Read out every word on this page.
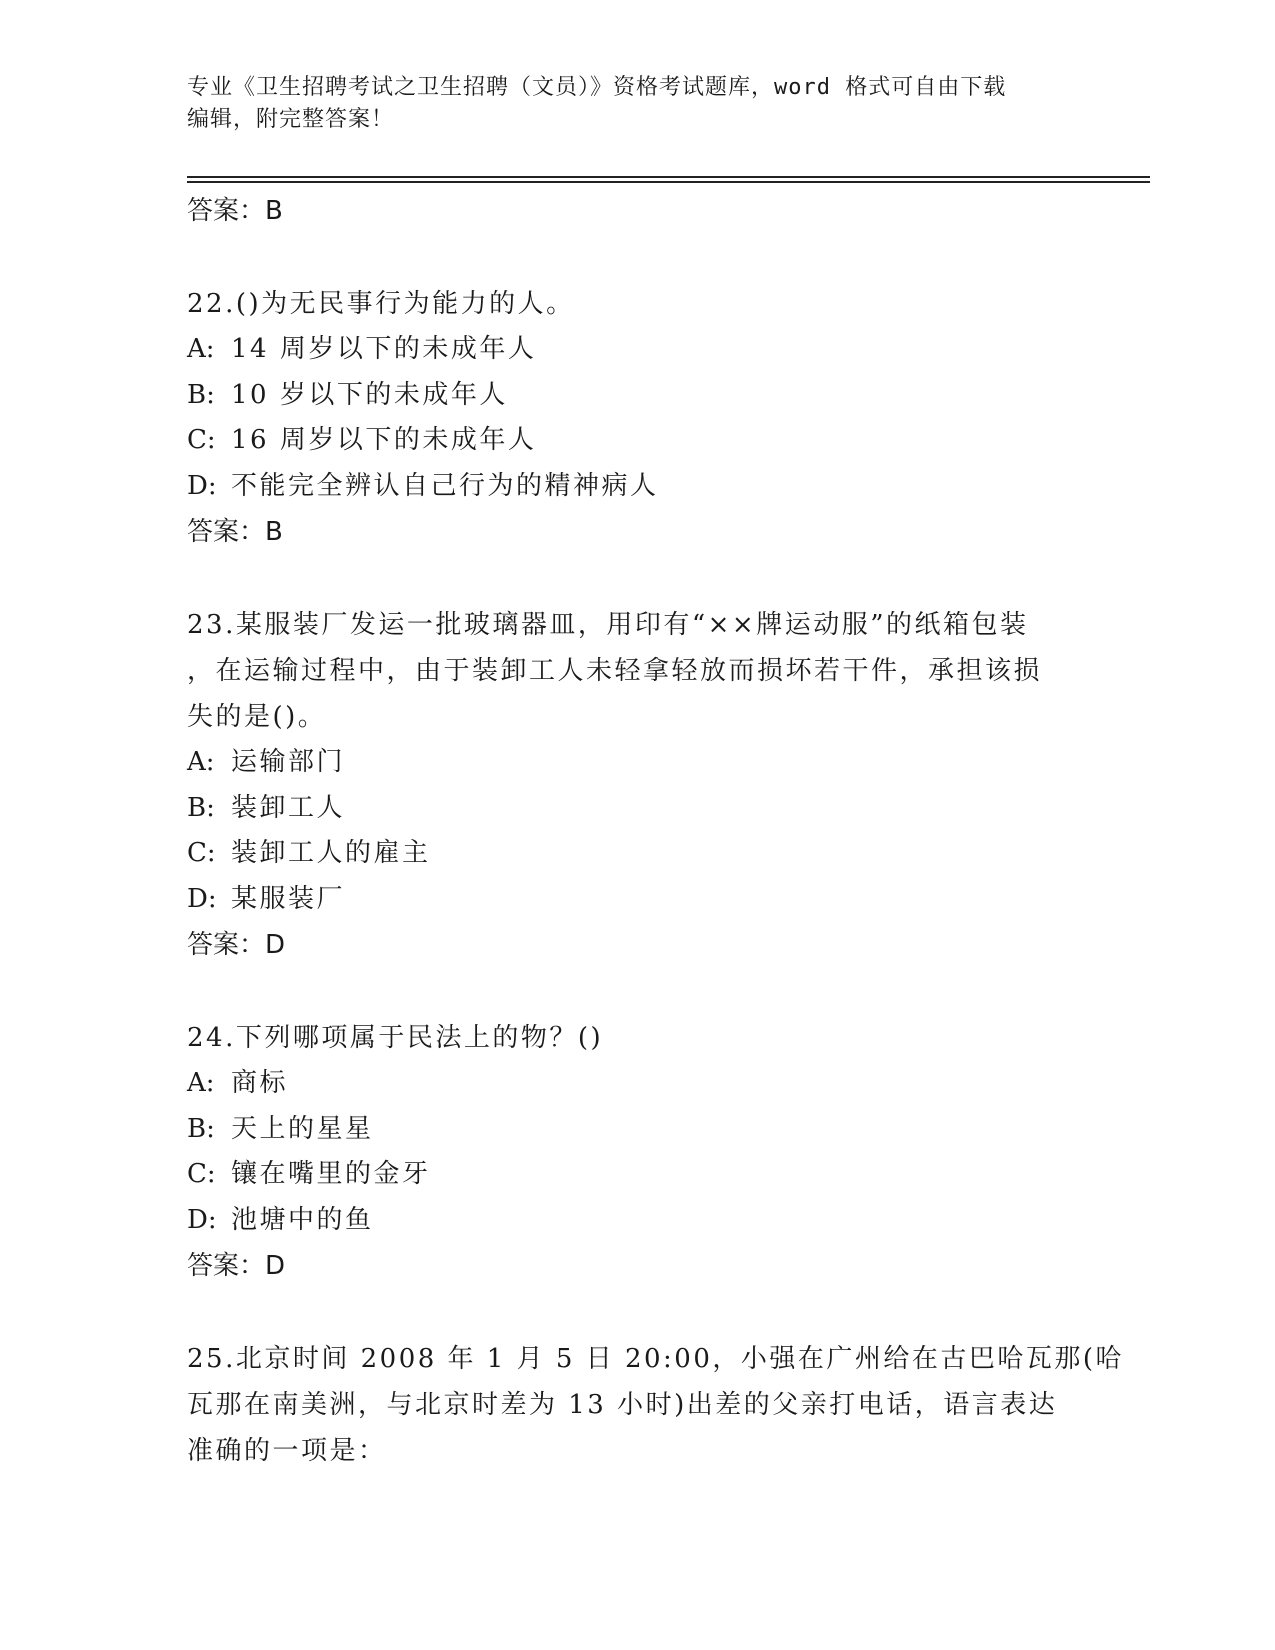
专业《卫生招聘考试之卫生招聘（文员）》资格考试题库，word 格式可自由下载
编辑，附完整答案！
答案：B
22.()为无民事行为能力的人。
A: 14 周岁以下的未成年人
B: 10 岁以下的未成年人
C: 16 周岁以下的未成年人
D: 不能完全辨认自己行为的精神病人
答案：B
23.某服装厂发运一批玻璃器皿，用印有“××牌运动服”的纸箱包装
，在运输过程中，由于装卸工人未轻拿轻放而损坏若干件，承担该损
失的是()。
A: 运输部门
B: 装卸工人
C: 装卸工人的雇主
D: 某服装厂
答案：D
24.下列哪项属于民法上的物？()
A: 商标
B: 天上的星星
C: 镶在嘴里的金牙
D: 池塘中的鱼
答案：D
25.北京时间 2008 年 1 月 5 日 20:00，小强在广州给在古巴哈瓦那(哈
瓦那在南美洲，与北京时差为 13 小时)出差的父亲打电话，语言表达
准确的一项是：
